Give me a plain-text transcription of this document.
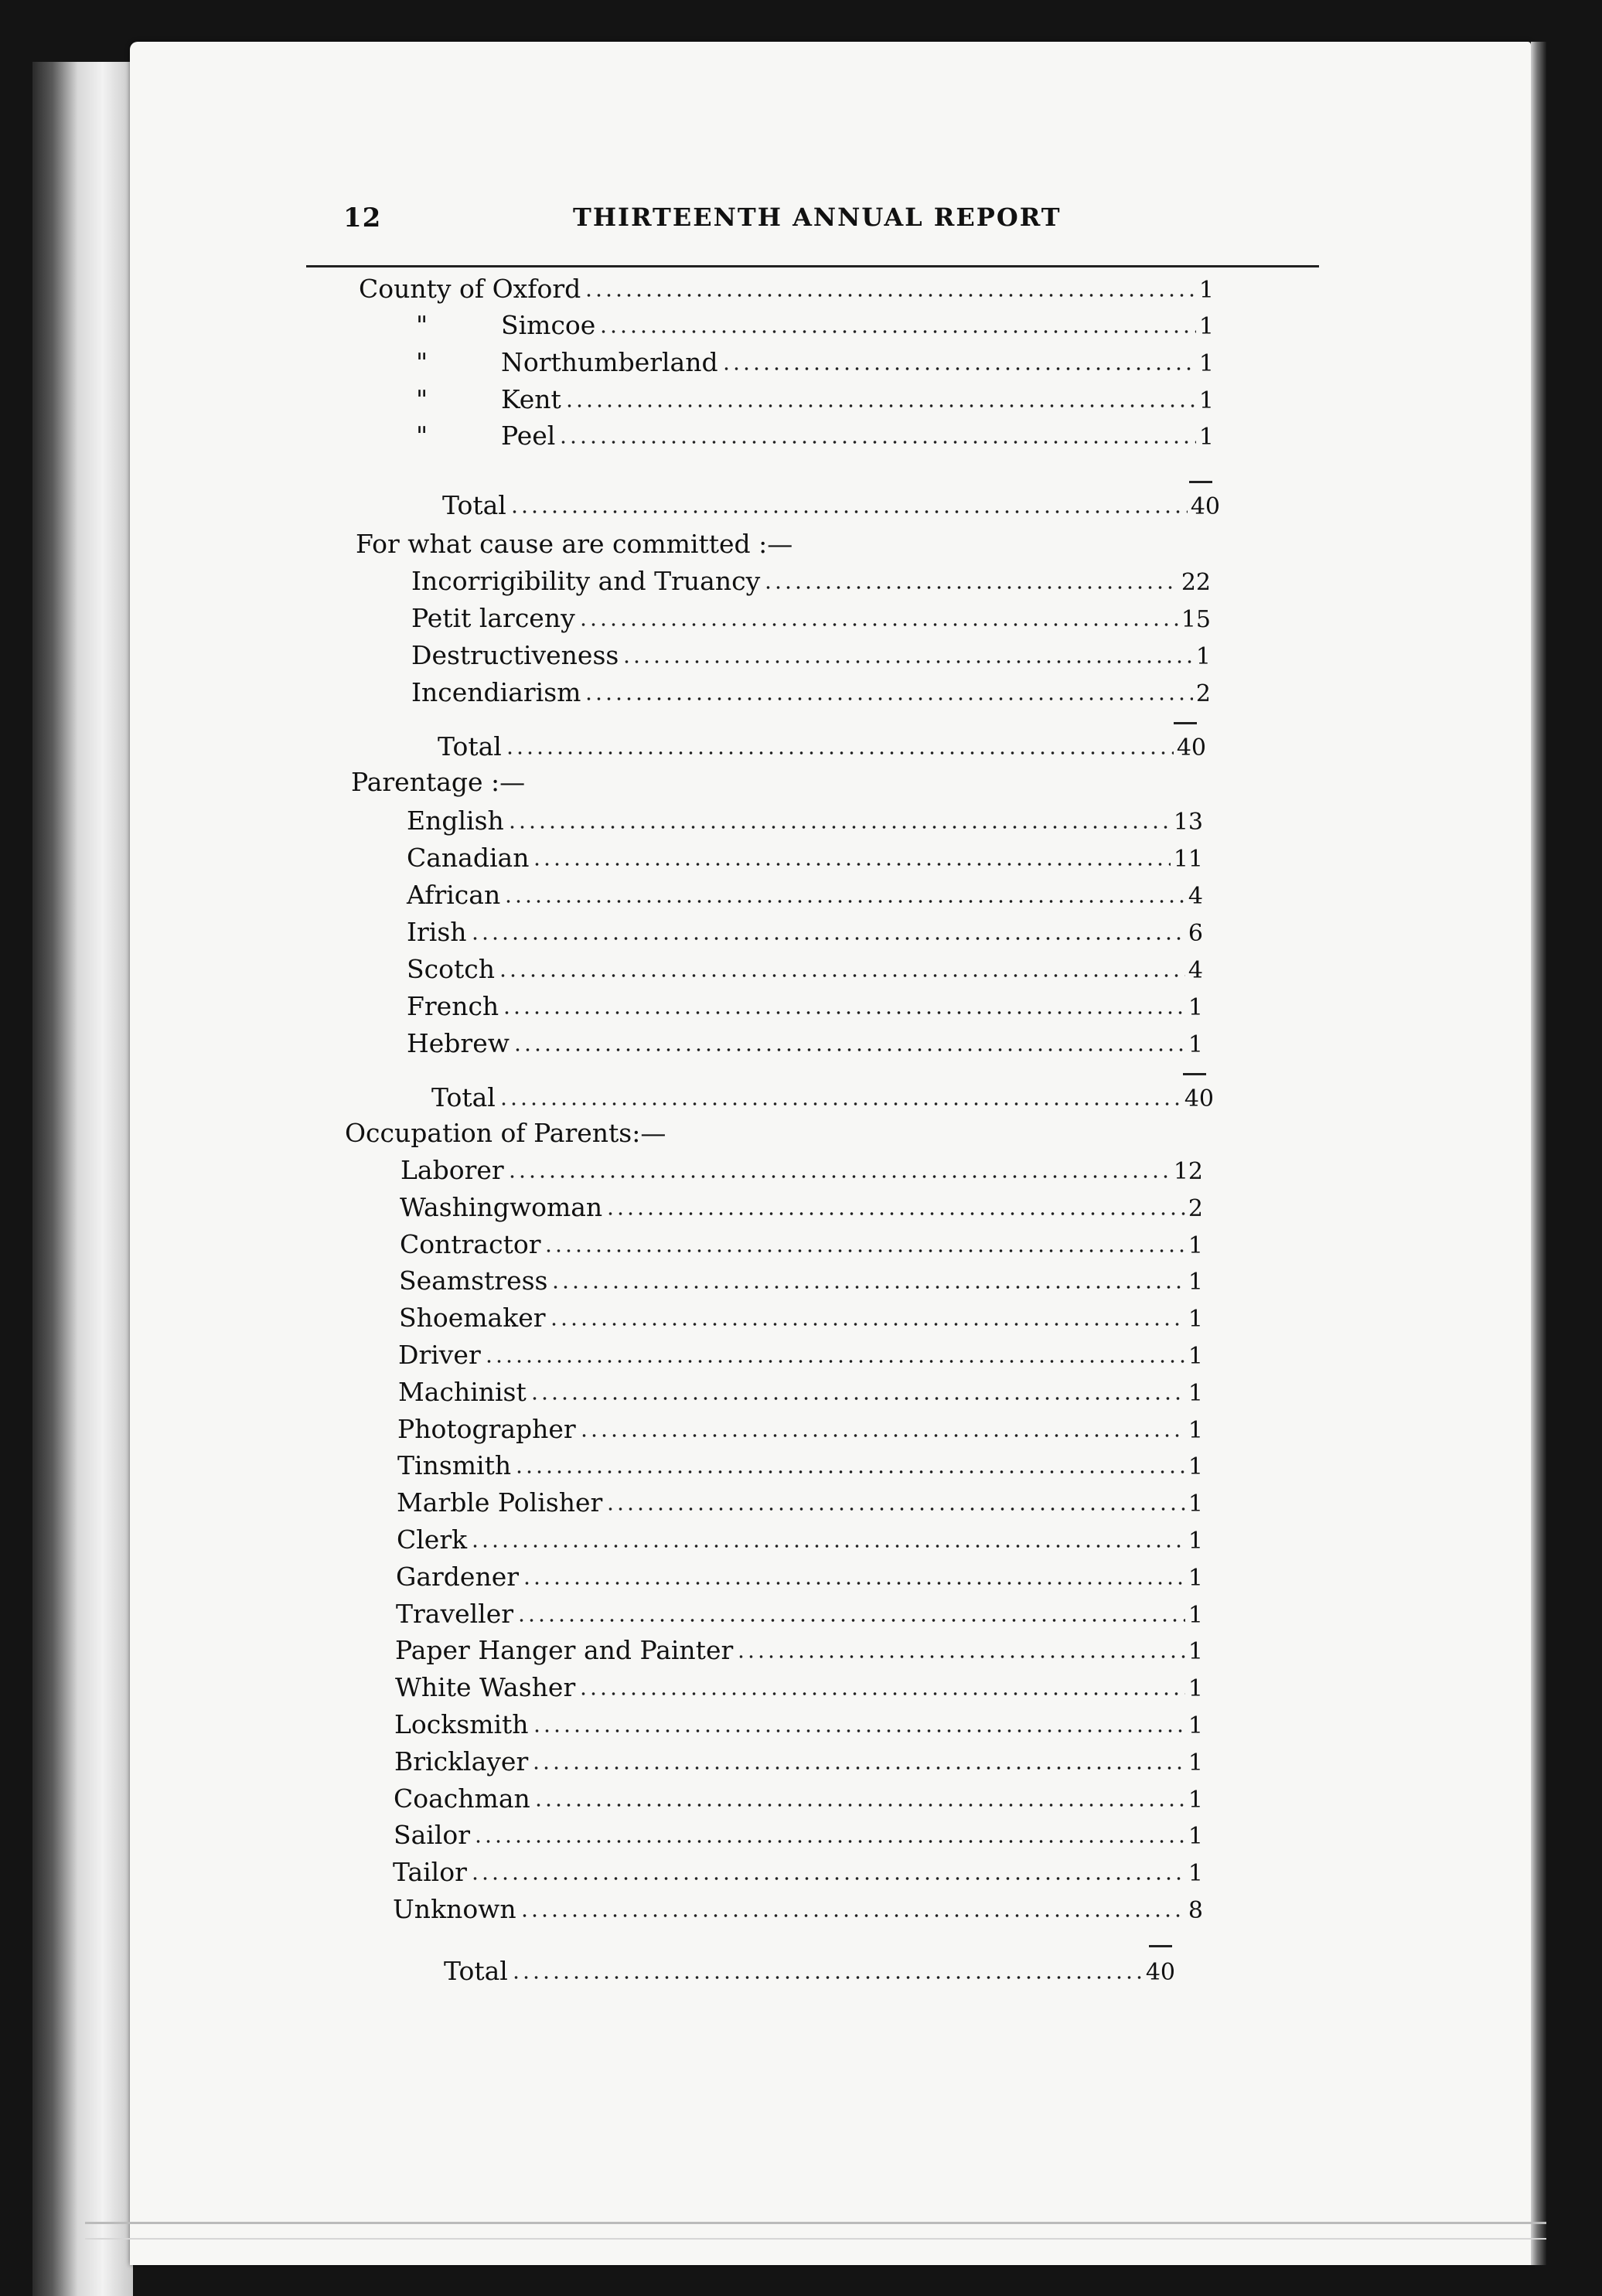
12	THIRTEENTH ANNUAL REPORT
County of Oxford	1
"	Simcoe	1
"	Northumberland	1
"	Kent	1
"	Peel	1
Total	40
For what cause are committed :—
Incorrigibility and Truancy	22
Petit larceny	15
Destructiveness	1
Incendiarism	2
Total	40
Parentage :—
English	13
Canadian	11
African	4
Irish	6
Scotch	4
French	1
Hebrew	1
Total	40
Occupation of Parents:—
Laborer	12
Washingwoman	2
Contractor	1
Seamstress	1
Shoemaker	1
Driver	1
Machinist	1
Photographer	1
Tinsmith	1
Marble Polisher	1
Clerk	1
Gardener	1
Traveller	1
Paper Hanger and Painter	1
White Washer	1
Locksmith	1
Bricklayer	1
Coachman	1
Sailor	1
Tailor	1
Unknown	8
Total	40
